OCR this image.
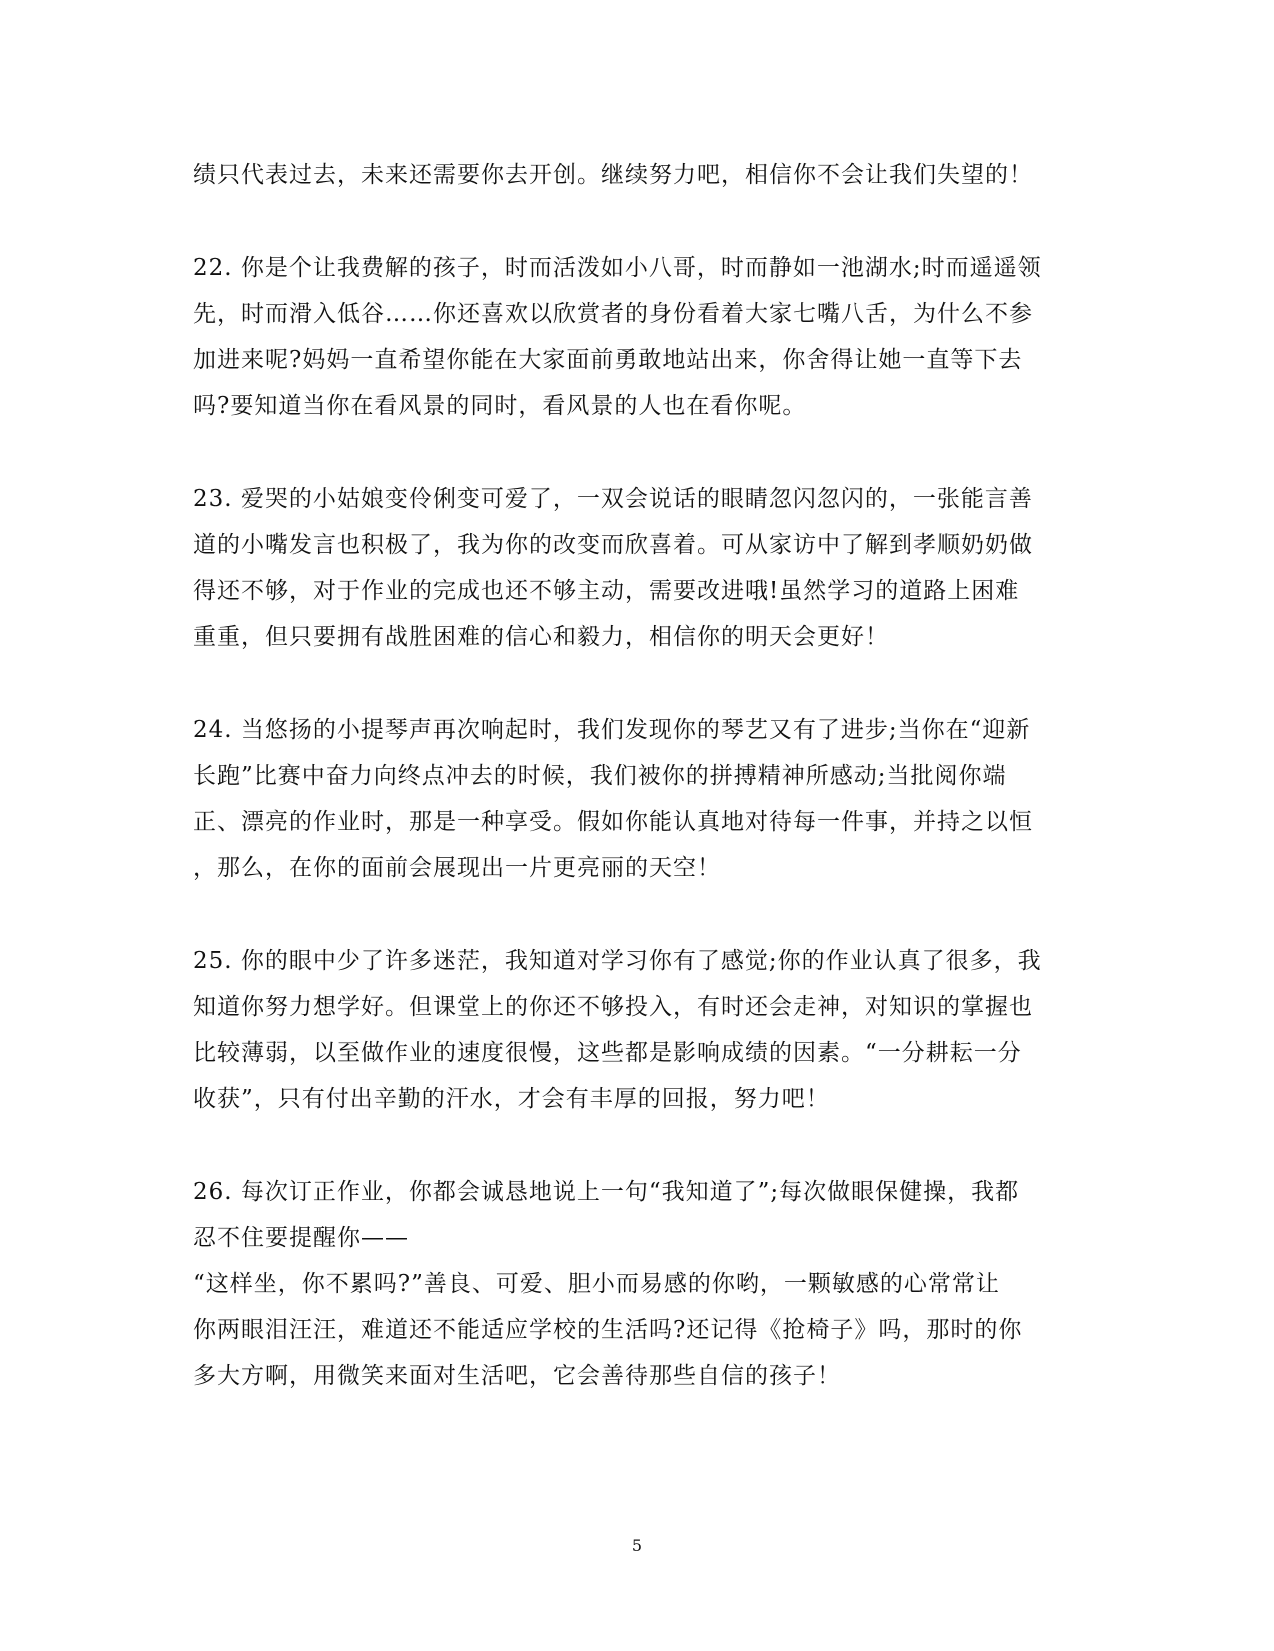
绩只代表过去，未来还需要你去开创。继续努力吧，相信你不会让我们失望的！
22. 你是个让我费解的孩子，时而活泼如小八哥，时而静如一池湖水;时而遥遥领
先，时而滑入低谷……你还喜欢以欣赏者的身份看着大家七嘴八舌，为什么不参
加进来呢?妈妈一直希望你能在大家面前勇敢地站出来，你舍得让她一直等下去
吗?要知道当你在看风景的同时，看风景的人也在看你呢。
23. 爱哭的小姑娘变伶俐变可爱了，一双会说话的眼睛忽闪忽闪的，一张能言善
道的小嘴发言也积极了，我为你的改变而欣喜着。可从家访中了解到孝顺奶奶做
得还不够，对于作业的完成也还不够主动，需要改进哦!虽然学习的道路上困难
重重，但只要拥有战胜困难的信心和毅力，相信你的明天会更好！
24. 当悠扬的小提琴声再次响起时，我们发现你的琴艺又有了进步;当你在“迎新
长跑”比赛中奋力向终点冲去的时候，我们被你的拼搏精神所感动;当批阅你端
正、漂亮的作业时，那是一种享受。假如你能认真地对待每一件事，并持之以恒
，那么，在你的面前会展现出一片更亮丽的天空！
25. 你的眼中少了许多迷茫，我知道对学习你有了感觉;你的作业认真了很多，我
知道你努力想学好。但课堂上的你还不够投入，有时还会走神，对知识的掌握也
比较薄弱，以至做作业的速度很慢，这些都是影响成绩的因素。“一分耕耘一分
收获”，只有付出辛勤的汗水，才会有丰厚的回报，努力吧！
26. 每次订正作业，你都会诚恳地说上一句“我知道了”;每次做眼保健操，我都
忍不住要提醒你——
“这样坐，你不累吗?”善良、可爱、胆小而易感的你哟，一颗敏感的心常常让
你两眼泪汪汪，难道还不能适应学校的生活吗?还记得《抢椅子》吗，那时的你
多大方啊，用微笑来面对生活吧，它会善待那些自信的孩子！
5
